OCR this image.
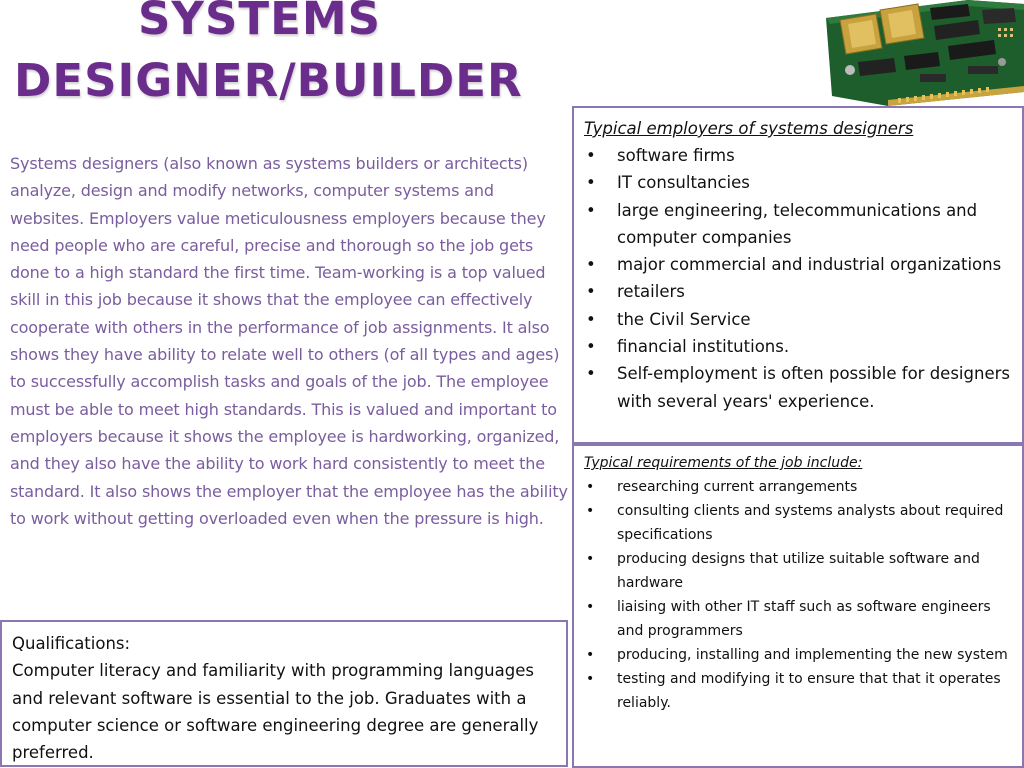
SYSTEMS
DESIGNER/BUILDER

Systems designers (also known as systems builders or architects) analyze, design and modify networks, computer systems and websites. Employers value meticulousness employers because they need people who are careful, precise and thorough so the job gets done to a high standard the first time. Team-working is a top valued skill in this job because it shows that the employee can effectively cooperate with others in the performance of job assignments. It also shows they have ability to relate well to others (of all types and ages) to successfully accomplish tasks and goals of the job. The employee must be able to meet high standards. This is valued and important to employers because it shows the employee is hardworking, organized, and they also have the ability to work hard consistently to meet the standard. It also shows the employer that the employee has the ability to work without getting overloaded even when the pressure is high.

Qualifications:

Computer literacy and familiarity with programming languages and relevant software is essential to the job. Graduates with a computer science or software engineering degree are generally preferred.

Typical employers of systems designers

• software firms
• IT consultancies
• large engineering, telecommunications and computer companies
• major commercial and industrial organizations
• retailers
• the Civil Service
• financial institutions.
• Self-employment is often possible for designers with several years' experience.

Typical requirements of the job include:

• researching current arrangements
• consulting clients and systems analysts about required specifications
• producing designs that utilize suitable software and hardware
• liaising with other IT staff such as software engineers and programmers
• producing, installing and implementing the new system
• testing and modifying it to ensure that that it operates reliably.
